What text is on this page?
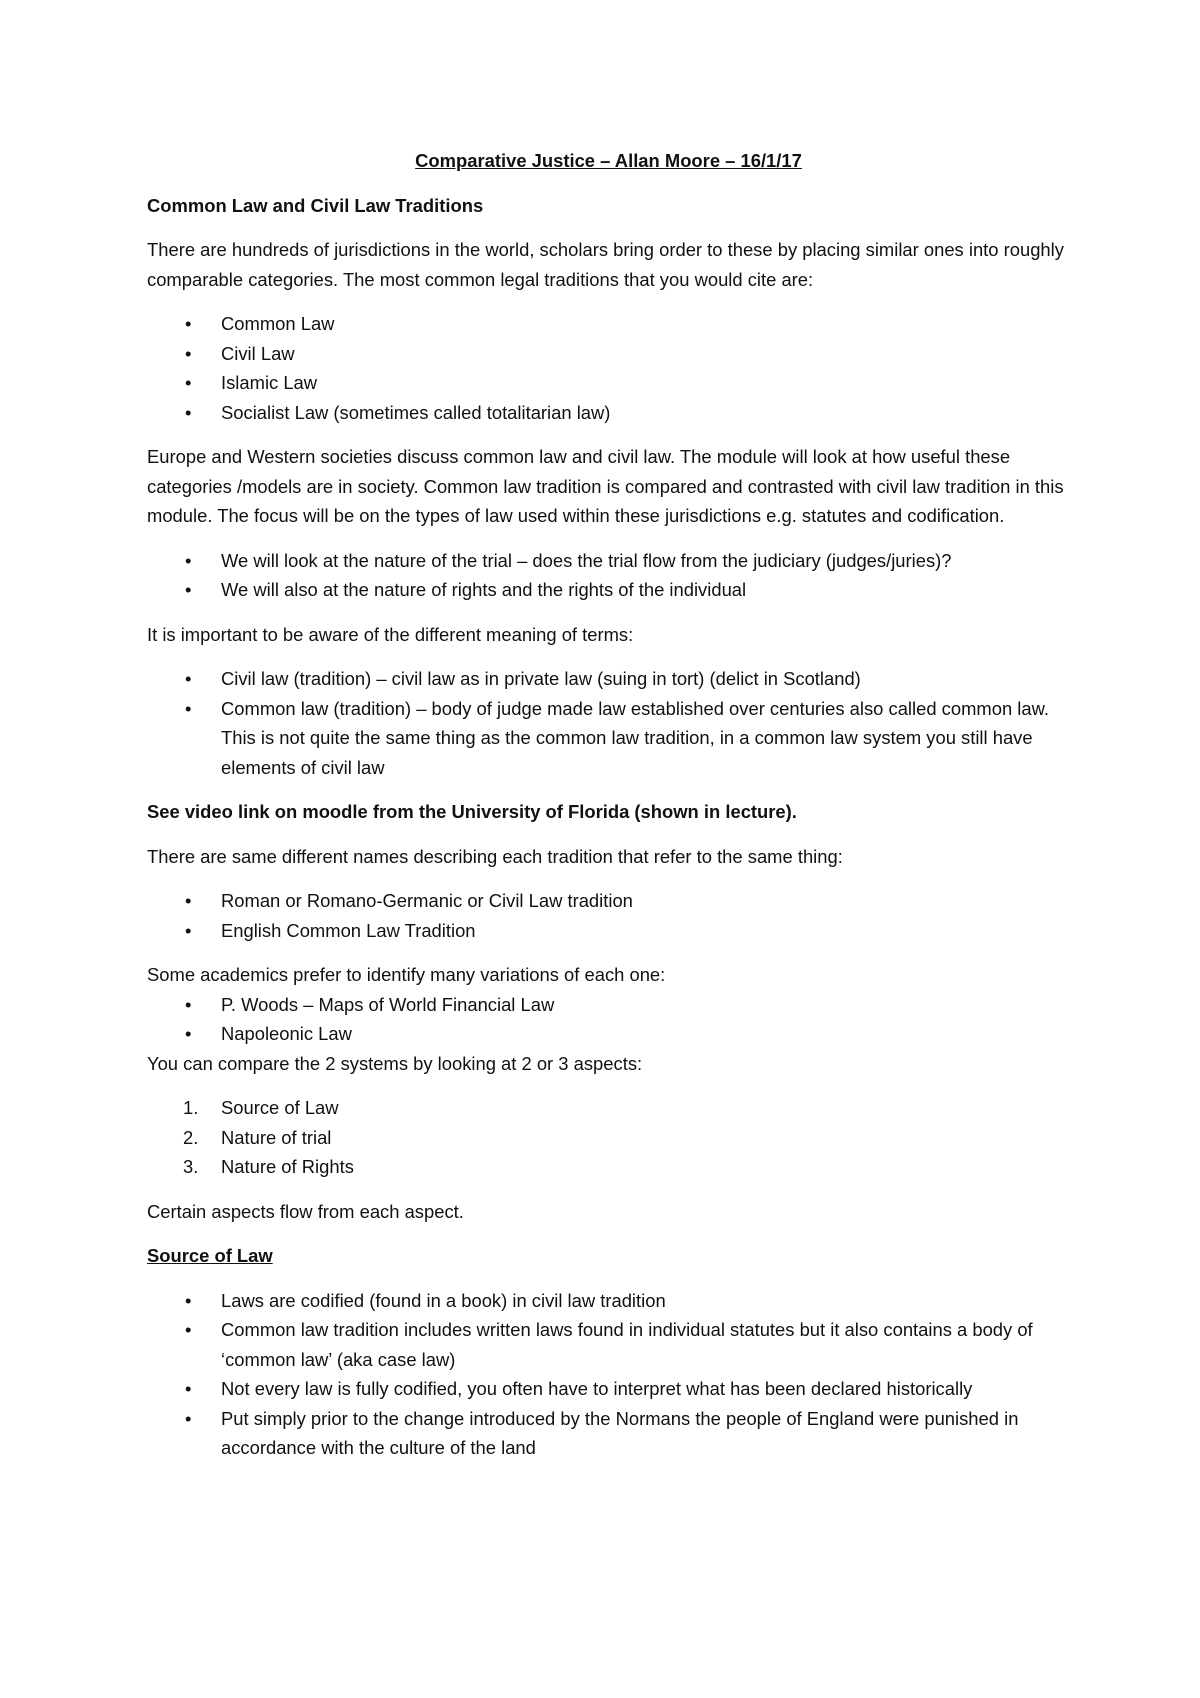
Comparative Justice – Allan Moore – 16/1/17
Common Law and Civil Law Traditions

There are hundreds of jurisdictions in the world, scholars bring order to these by placing similar ones into roughly comparable categories. The most common legal traditions that you would cite are:

•	Common Law
•	Civil Law
•	Islamic Law
•	Socialist Law (sometimes called totalitarian law)

Europe and Western societies discuss common law and civil law. The module will look at how useful these categories /models are in society. Common law tradition is compared and contrasted with civil law tradition in this module. The focus will be on the types of law used within these jurisdictions e.g. statutes and codification.

•	We will look at the nature of the trial – does the trial flow from the judiciary (judges/juries)?
•	We will also at the nature of rights and the rights of the individual

It is important to be aware of the different meaning of terms:

•	Civil law (tradition) – civil law as in private law (suing in tort) (delict in Scotland)
•	Common law (tradition) – body of judge made law established over centuries also called common law. This is not quite the same thing as the common law tradition, in a common law system you still have elements of civil law

See video link on moodle from the University of Florida (shown in lecture).

There are same different names describing each tradition that refer to the same thing:

•	Roman or Romano-Germanic or Civil Law tradition
•	English Common Law Tradition

Some academics prefer to identify many variations of each one:

•	P. Woods – Maps of World Financial Law
•	Napoleonic Law

You can compare the 2 systems by looking at 2 or 3 aspects:

1.	Source of Law
2.	Nature of trial
3.	Nature of Rights

Certain aspects flow from each aspect.

Source of Law
•	Laws are codified (found in a book) in civil law tradition
•	Common law tradition includes written laws found in individual statutes but it also contains a body of ‘common law’ (aka case law)
•	Not every law is fully codified, you often have to interpret what has been declared historically
•	Put simply prior to the change introduced by the Normans the people of England were punished in accordance with the culture of the land
